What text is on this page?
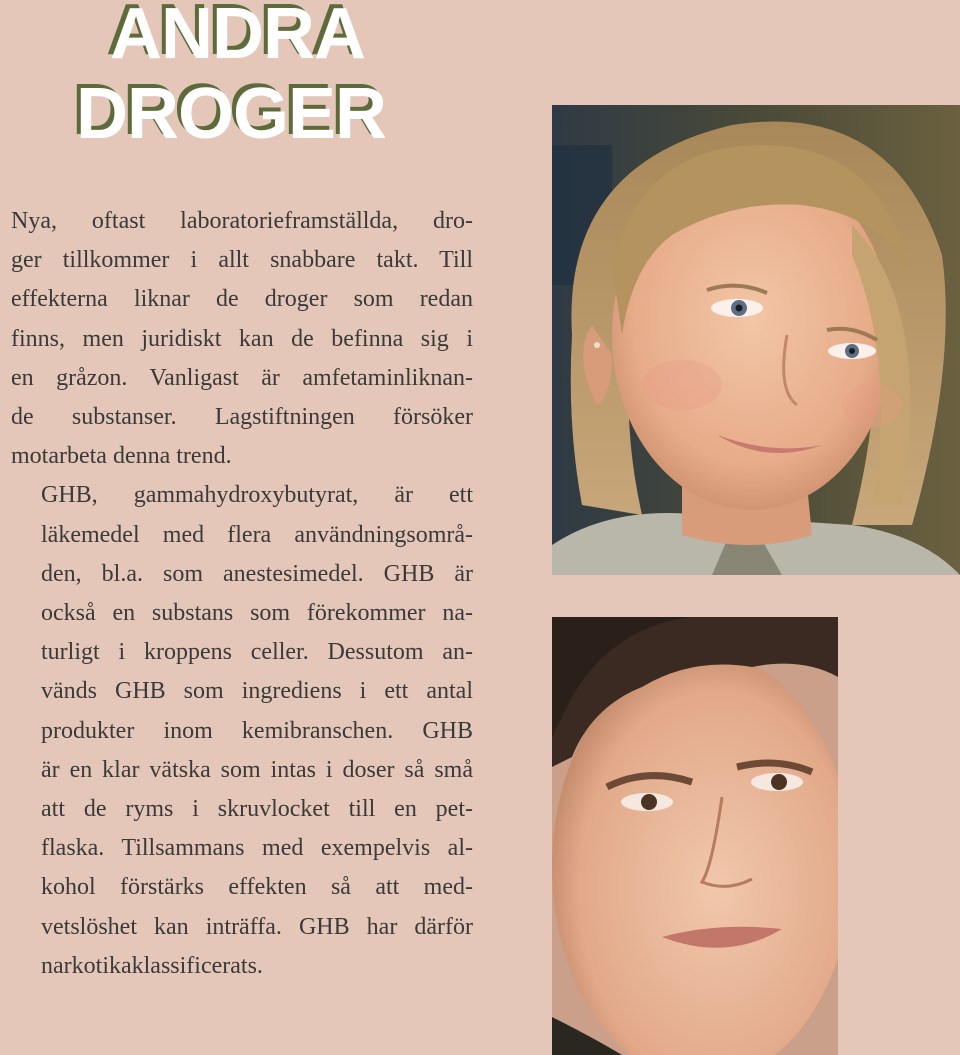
ANDRA
DROGER

Nya, oftast laboratorieframställda, dro-
ger tillkommer i allt snabbare takt. Till
effekterna liknar de droger som redan
finns, men juridiskt kan de befinna sig i
en gråzon. Vanligast är amfetaminliknan-
de substanser. Lagstiftningen försöker
motarbeta denna trend.

GHB, gammahydroxybutyrat, är ett
läkemedel med flera användningsområ-
den, bl.a. som anestesimedel. GHB är
också en substans som förekommer na-
turligt i kroppens celler. Dessutom an-
vänds GHB som ingrediens i ett antal
produkter inom kemibranschen. GHB
är en klar vätska som intas i doser så små
att de ryms i skruvlocket till en pet-
flaska. Tillsammans med exempelvis al-
kohol förstärks effekten så att med-
vetslöshet kan inträffa. GHB har därför
narkotikaklassificerats.
